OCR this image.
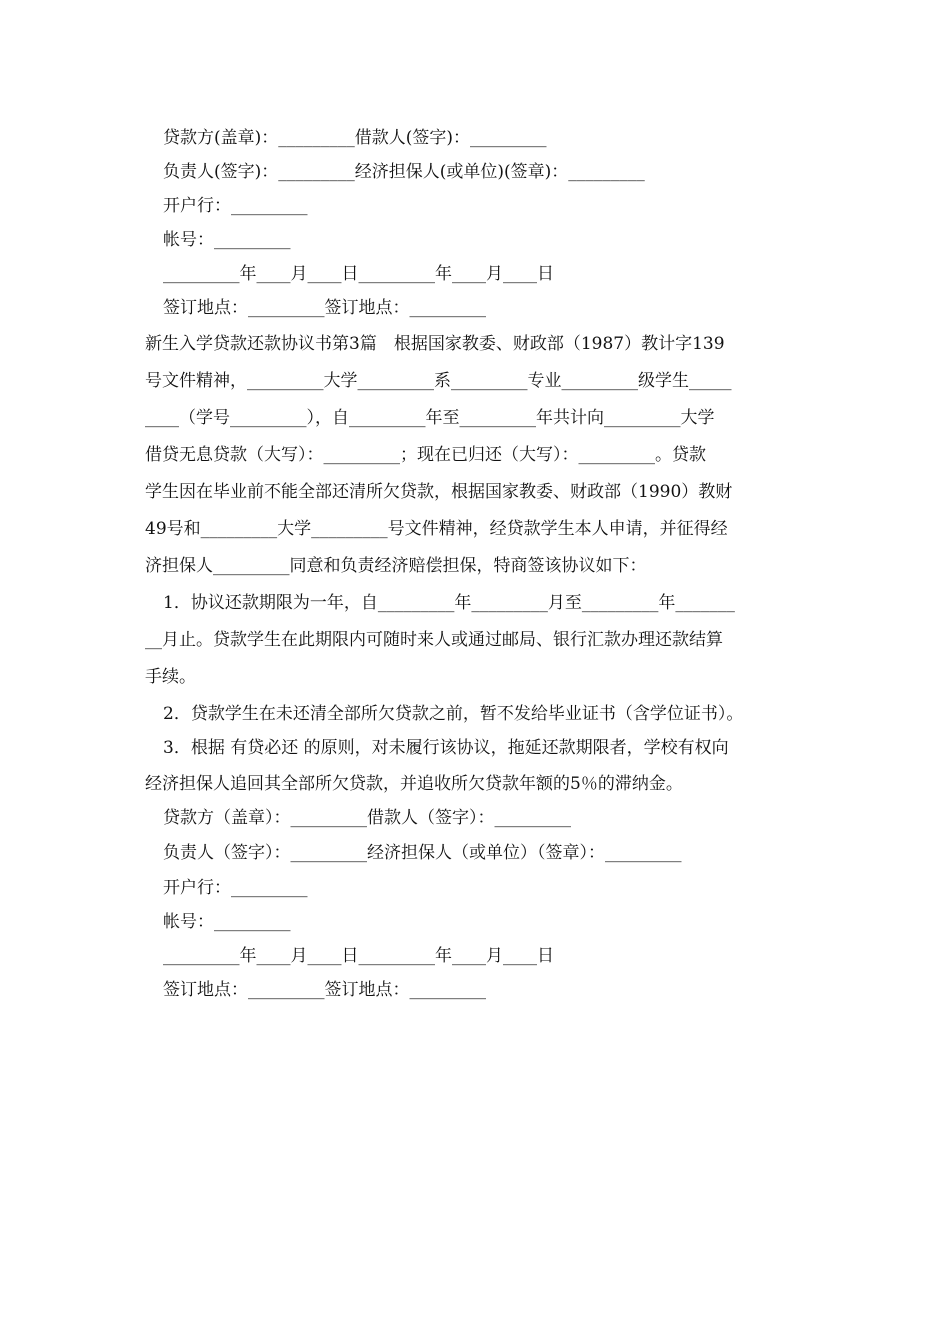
贷款方(盖章)：_________借款人(签字)：_________
负责人(签字)：_________经济担保人(或单位)(签章)：_________
开户行：_________
帐号：_________
_________年____月____日_________年____月____日
签订地点：_________签订地点：_________
新生入学贷款还款协议书第3篇　根据国家教委、财政部（1987）教计字139
号文件精神，_________大学_________系_________专业_________级学生_____
____（学号_________），自_________年至_________年共计向_________大学
借贷无息贷款（大写）：_________；现在已归还（大写）：_________。贷款
学生因在毕业前不能全部还清所欠贷款，根据国家教委、财政部（1990）教财
49号和_________大学_________号文件精神，经贷款学生本人申请，并征得经
济担保人_________同意和负责经济赔偿担保，特商签该协议如下：
1．协议还款期限为一年，自_________年_________月至_________年_______
__月止。贷款学生在此期限内可随时来人或通过邮局、银行汇款办理还款结算
手续。
2．贷款学生在未还清全部所欠贷款之前，暂不发给毕业证书（含学位证书）。
3．根据 有贷必还 的原则，对未履行该协议，拖延还款期限者，学校有权向
经济担保人追回其全部所欠贷款，并追收所欠贷款年额的5％的滞纳金。
贷款方（盖章）：_________借款人（签字）：_________
负责人（签字）：_________经济担保人（或单位）（签章）：_________
开户行：_________
帐号：_________
_________年____月____日_________年____月____日
签订地点：_________签订地点：_________
